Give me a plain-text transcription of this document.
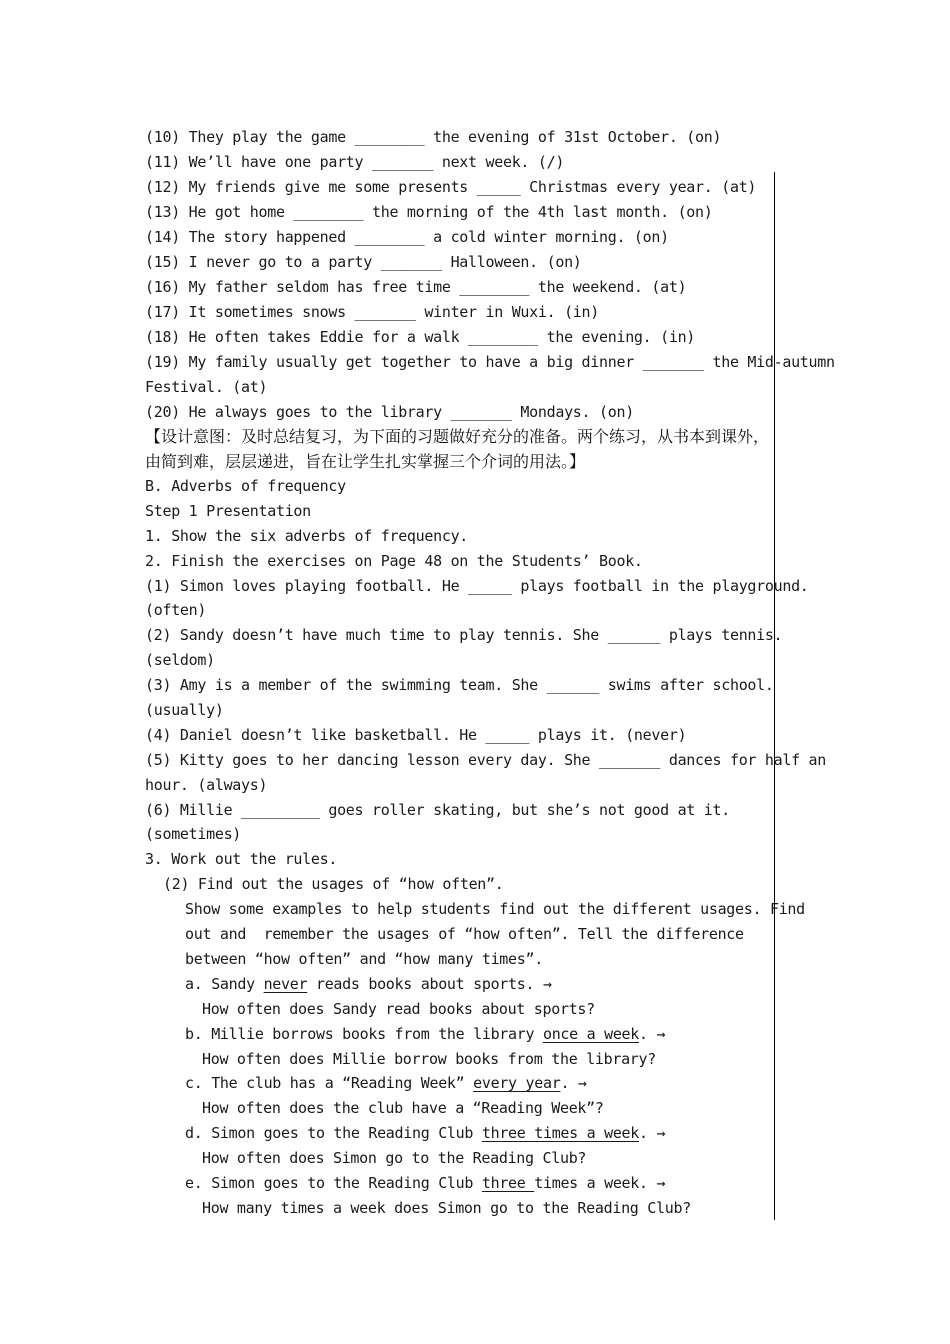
(10) They play the game ________ the evening of 31st October. (on)
(11) We’ll have one party _______ next week. (/)
(12) My friends give me some presents _____ Christmas every year. (at)
(13) He got home ________ the morning of the 4th last month. (on)
(14) The story happened ________ a cold winter morning. (on)
(15) I never go to a party _______ Halloween. (on)
(16) My father seldom has free time ________ the weekend. (at)
(17) It sometimes snows _______ winter in Wuxi. (in)
(18) He often takes Eddie for a walk ________ the evening. (in)
(19) My family usually get together to have a big dinner _______ the Mid-autumn
Festival. (at)
(20) He always goes to the library _______ Mondays. (on)
【设计意图：及时总结复习，为下面的习题做好充分的准备。两个练习，从书本到课外，
由简到难，层层递进，旨在让学生扎实掌握三个介词的用法。】
B. Adverbs of frequency
Step 1 Presentation
1. Show the six adverbs of frequency.
2. Finish the exercises on Page 48 on the Students’ Book.
(1) Simon loves playing football. He _____ plays football in the playground.
(often)
(2) Sandy doesn’t have much time to play tennis. She ______ plays tennis.
(seldom)
(3) Amy is a member of the swimming team. She ______ swims after school.
(usually)
(4) Daniel doesn’t like basketball. He _____ plays it. (never)
(5) Kitty goes to her dancing lesson every day. She _______ dances for half an
hour. (always)
(6) Millie _________ goes roller skating, but she’s not good at it.
(sometimes)
3. Work out the rules.
(2) Find out the usages of “how often”.
Show some examples to help students find out the different usages. Find
out and  remember the usages of “how often”. Tell the difference
between “how often” and “how many times”.
a. Sandy never reads books about sports. →
How often does Sandy read books about sports?
b. Millie borrows books from the library once a week. →
How often does Millie borrow books from the library?
c. The club has a “Reading Week” every year. →
How often does the club have a “Reading Week”?
d. Simon goes to the Reading Club three times a week. →
How often does Simon go to the Reading Club?
e. Simon goes to the Reading Club three times a week. →
How many times a week does Simon go to the Reading Club?
